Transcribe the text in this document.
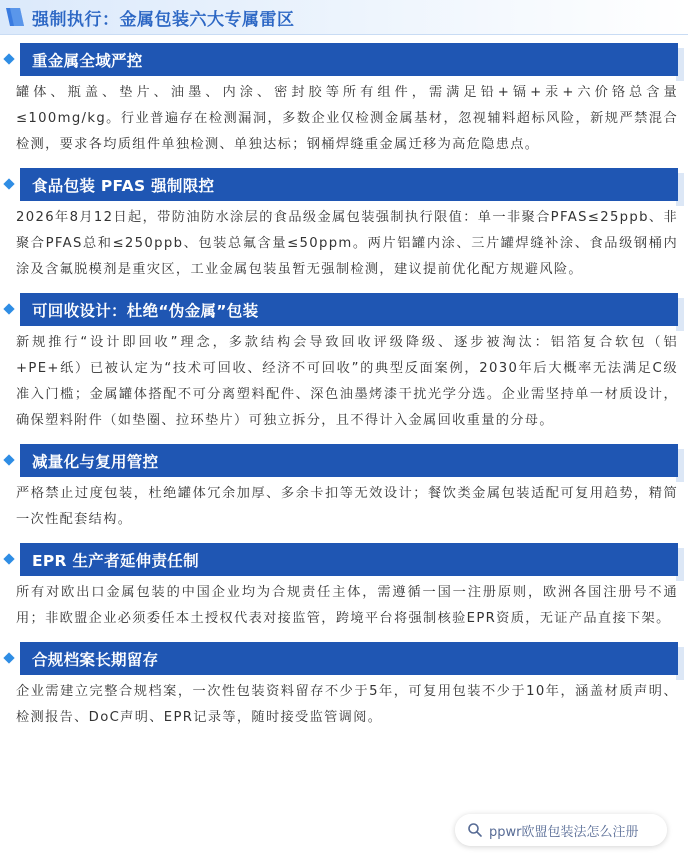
强制执行：金属包装六大专属雷区
重金属全域严控
罐体、瓶盖、垫片、油墨、内涂、密封胶等所有组件，需满足铅+镉+汞+六价铬总含量≤100mg/kg。行业普遍存在检测漏洞，多数企业仅检测金属基材，忽视辅料超标风险，新规严禁混合检测，要求各均质组件单独检测、单独达标；钢桶焊缝重金属迁移为高危隐患点。
食品包装 PFAS 强制限控
2026年8月12日起，带防油防水涂层的食品级金属包装强制执行限值：单一非聚合PFAS≤25ppb、非聚合PFAS总和≤250ppb、包装总氟含量≤50ppm。两片铝罐内涂、三片罐焊缝补涂、食品级钢桶内涂及含氟脱模剂是重灾区，工业金属包装虽暂无强制检测，建议提前优化配方规避风险。
可回收设计：杜绝“伪金属”包装
新规推行“设计即回收”理念，多款结构会导致回收评级降级、逐步被淘汰：铝箔复合软包（铝+PE+纸）已被认定为“技术可回收、经济不可回收”的典型反面案例，2030年后大概率无法满足C级准入门槛；金属罐体搭配不可分离塑料配件、深色油墨烤漆干扰光学分选。企业需坚持单一材质设计，确保塑料附件（如垫圈、拉环垫片）可独立拆分，且不得计入金属回收重量的分母。
减量化与复用管控
严格禁止过度包装，杜绝罐体冗余加厚、多余卡扣等无效设计；餐饮类金属包装适配可复用趋势，精简一次性配套结构。
EPR 生产者延伸责任制
所有对欧出口金属包装的中国企业均为合规责任主体，需遵循一国一注册原则，欧洲各国注册号不通用；非欧盟企业必须委任本土授权代表对接监管，跨境平台将强制核验EPR资质，无证产品直接下架。
合规档案长期留存
企业需建立完整合规档案，一次性包装资料留存不少于5年，可复用包装不少于10年，涵盖材质声明、检测报告、DoC声明、EPR记录等，随时接受监管调阅。
ppwr欧盟包装法怎么注册
